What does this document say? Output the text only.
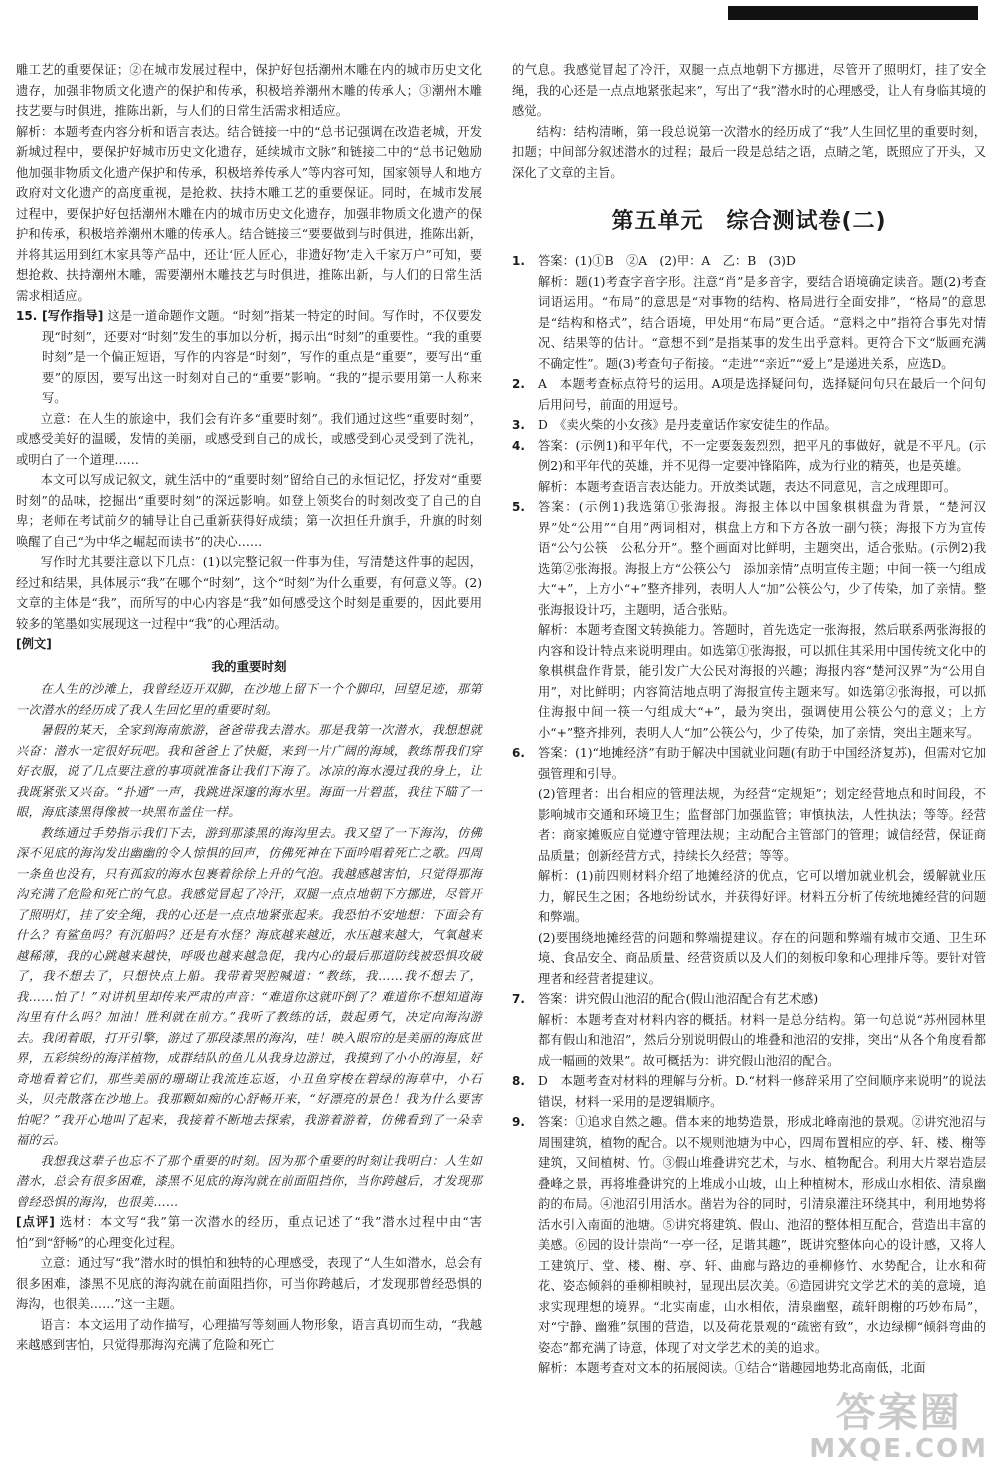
雕工艺的重要保证；②在城市发展过程中，保护好包括潮州木雕在内的城市历史文化遗存，加强非物质文化遗产的保护和传承，积极培养潮州木雕的传承人；③潮州木雕技艺要与时俱进，推陈出新，与人们的日常生活需求相适应。

解析：本题考查内容分析和语言表达。结合链接一中的“总书记强调在改造老城，开发新城过程中，要保护好城市历史文化遗存，延续城市文脉”和链接二中的“总书记勉励他加强非物质文化遗产保护和传承，积极培养传承人”等内容可知，国家领导人和地方政府对文化遗产的高度重视，是抢救、扶持木雕工艺的重要保证。同时，在城市发展过程中，要保护好包括潮州木雕在内的城市历史文化遗存，加强非物质文化遗产的保护和传承，积极培养潮州木雕的传承人。结合链接三“要要做到与时俱进，推陈出新，并将其运用到红木家具等产品中，还让‘匠人匠心，非遗好物’走入千家万户”可知，要想抢救、扶持潮州木雕，需要潮州木雕技艺与时俱进，推陈出新，与人们的日常生活需求相适应。

15. [写作指导] 这是一道命题作文题。“时刻”指某一特定的时间。写作时，不仅要发现“时刻”，还要对“时刻”发生的事加以分析，揭示出“时刻”的重要性。“我的重要时刻”是一个偏正短语，写作的内容是“时刻”，写作的重点是“重要”，要写出“重要”的原因，要写出这一时刻对自己的“重要”影响。“我的”提示要用第一人称来写。

立意：在人生的旅途中，我们会有许多“重要时刻”。我们通过这些“重要时刻”，或感受美好的温暖，发情的美丽，或感受到自己的成长，或感受到心灵受到了洗礼，或明白了一个道理……

本文可以写成记叙文，就生活中的“重要时刻”留给自己的永恒记忆，抒发对“重要时刻”的品味，挖掘出“重要时刻”的深远影响。如登上领奖台的时刻改变了自己的自卑；老师在考试前夕的辅导让自己重新获得好成绩；第一次担任升旗手，升旗的时刻唤醒了自己“为中华之崛起而读书”的决心……

写作时尤其要注意以下几点：(1)以完整记叙一件事为佳，写清楚这件事的起因，经过和结果，具体展示“我”在哪个“时刻”，这个“时刻”为什么重要，有何意义等。(2)文章的主体是“我”，而所写的中心内容是“我”如何感受这个时刻是重要的，因此要用较多的笔墨如实展现这一过程中“我”的心理活动。

[例文]
我的重要时刻

在人生的沙滩上，我曾经迈开双脚，在沙地上留下一个个脚印，回望足迹，那第一次潜水的经历成了我人生回忆里的重要时刻。

暑假的某天，全家到海南旅游，爸爸带我去潜水。那是我第一次潜水，我想想就兴奋：潜水一定很好玩吧。我和爸爸上了快艇，来到一片广阔的海域，教练帮我们穿好衣服，说了几点要注意的事项就准备让我们下海了。冰凉的海水漫过我的身上，让我既紧张又兴奋。“扑通”一声，我跳进深邃的海水里。海面一片碧蓝，我往下瞄了一眼，海底漆黑得像被一块黑布盖住一样。

教练通过手势指示我们下去，游到那漆黑的海沟里去。我又望了一下海沟，仿佛深不见底的海沟发出幽幽的令人惊惧的回声，仿佛死神在下面吟唱着死亡之歌。四周一条鱼也没有，只有孤寂的海水包裹着徐徐上升的气泡。我越感越害怕，只觉得那海沟充满了危险和死亡的气息。我感觉冒起了冷汗，双腿一点点地朝下方挪进，尽管开了照明灯，挂了安全绳，我的心还是一点点地紧张起来。我恐怕不安地想：下面会有什么？有鲨鱼吗？有沉船吗？还是有水怪？海底越来越近，水压越来越大，气氧越来越稀薄，我的心跳越来越快，呼吸也越来越急促，我内心的最后那道防线被恐惧攻破了，我不想去了，只想快点上船。我带着哭腔喊道：“教练，我……我不想去了，我……怕了！”对讲机里却传来严肃的声音：“难道你这就吓倒了？难道你不想知道海沟里有什么吗？加油！胜利就在前方。”我听了教练的话，鼓起勇气，决定向海沟游去。我闭着眼，打开引擎，游过了那段漆黑的海沟，哇！映入眼帘的是美丽的海底世界，五彩缤纷的海洋植物，成群结队的鱼儿从我身边游过，我摸到了小小的海星，好奇地看着它们，那些美丽的珊瑚让我流连忘返，小丑鱼穿梭在碧绿的海草中，小石头，贝壳散落在沙地上。我那颗如痴的心舒畅开来，“好漂亮的景色！我为什么要害怕呢？”我开心地叫了起来，我接着不断地去探索，我游着游着，仿佛看到了一朵幸福的云。

我想我这辈子也忘不了那个重要的时刻。因为那个重要的时刻让我明白：人生如潜水，总会有很多困难，漆黑不见底的海沟就在前面阻挡你，当你跨越后，才发现那曾经恐惧的海沟，也很美……

[点评] 选材：本文写“我”第一次潜水的经历，重点记述了“我”潜水过程中由“害怕”到“舒畅”的心理变化过程。

立意：通过写“我”潜水时的惧怕和独特的心理感受，表现了“人生如潜水，总会有很多困难，漆黑不见底的海沟就在前面阻挡你，可当你跨越后，才发现那曾经恐惧的海沟，也很美……”这一主题。

语言：本文运用了动作描写，心理描写等刻画人物形象，语言真切而生动，“我越来越感到害怕，只觉得那海沟充满了危险和死亡

的气息。我感觉冒起了冷汗，双腿一点点地朝下方挪进，尽管开了照明灯，挂了安全绳，我的心还是一点点地紧张起来”，写出了“我”潜水时的心理感受，让人有身临其境的感觉。

结构：结构清晰，第一段总说第一次潜水的经历成了“我”人生回忆里的重要时刻，扣题；中间部分叙述潜水的过程；最后一段是总结之语，点睛之笔，既照应了开头，又深化了文章的主旨。

第五单元　综合测试卷(二)
1. 答案：(1)①B　②A　(2)甲：A　乙：B　(3)D
解析：题(1)考查字音字形。注意“肖”是多音字，要结合语境确定读音。题(2)考查词语运用。“布局”的意思是“对事物的结构、格局进行全面安排”，“格局”的意思是“结构和格式”，结合语境，甲处用“布局”更合适。“意料之中”指符合事先对情况、结果等的估计。“意想不到”是指某事的发生出乎意料。更符合下文“版画充满不确定性”。题(3)考查句子衔接。“走进”“亲近”“爱上”是递进关系，应选D。
2. A　本题考查标点符号的运用。A项是选择疑问句，选择疑问句只在最后一个问句后用问号，前面的用逗号。
3. D　《卖火柴的小女孩》是丹麦童话作家安徒生的作品。
4. 答案：(示例1)和平年代，不一定要轰轰烈烈，把平凡的事做好，就是不平凡。(示例2)和平年代的英雄，并不见得一定要冲锋陷阵，成为行业的精英，也是英雄。
解析：本题考查语言表达能力。开放类试题，表达不同意见，言之成理即可。
5. 答案：(示例1)我选第①张海报。海报主体以中国象棋棋盘为背景，“楚河汉界”处“公用”“自用”两词相对，棋盘上方和下方各放一副勺筷；海报下方为宣传语“公勺公筷　公私分开”。整个画面对比鲜明，主题突出，适合张贴。(示例2)我选第②张海报。海报上方“公筷公勺　添加亲情”点明宣传主题；中间一筷一勺组成大“+”，上方小“+”整齐排列，表明人人“加”公筷公勺，少了传染，加了亲情。整张海报设计巧，主题明，适合张贴。
解析：本题考查图文转换能力。答题时，首先选定一张海报，然后联系两张海报的内容和设计特点来说明理由。如选第①张海报，可以抓住其采用中国传统文化中的象棋棋盘作背景，能引发广大公民对海报的兴趣；海报内容“楚河汉界”为“公用自用”，对比鲜明；内容简洁地点明了海报宣传主题来写。如选第②张海报，可以抓住海报中间一筷一勺组成大“+”，最为突出，强调使用公筷公勺的意义；上方小“+”整齐排列，表明人人“加”公筷公勺，少了传染，加了亲情，突出主题来写。
6. 答案：(1)“地摊经济”有助于解决中国就业问题(有助于中国经济复苏)，但需对它加强管理和引导。
(2)管理者：出台相应的管理法规，为经营“定规矩”；划定经营地点和时间段，不影响城市交通和环境卫生；监督部门加强监管；审慎执法，人性执法；等等。经营者：商家摊贩应自觉遵守管理法规；主动配合主管部门的管理；诚信经营，保证商品质量；创新经营方式，持续长久经营；等等。
解析：(1)前四则材料介绍了地摊经济的优点，它可以增加就业机会，缓解就业压力，解民生之困；各地纷纷试水，并获得好评。材料五分析了传统地摊经营的问题和弊端。
(2)要围绕地摊经营的问题和弊端提建议。存在的问题和弊端有城市交通、卫生环境、食品安全、商品质量、经营资质以及人们的刻板印象和心理排斥等。要针对管理者和经营者提建议。
7. 答案：讲究假山池沼的配合(假山池沼配合有艺术感)
解析：本题考查对材料内容的概括。材料一是总分结构。第一句总说“苏州园林里都有假山和池沼”，然后分别说明假山的堆叠和池沼的安排，突出“从各个角度看都成一幅画的效果”。故可概括为：讲究假山池沼的配合。
8. D　本题考查对材料的理解与分析。D.“材料一修辞采用了空间顺序来说明”的说法错误，材料一采用的是逻辑顺序。
9. 答案：①追求自然之趣。借本来的地势造景，形成北峰南池的景观。②讲究池沼与周围建筑，植物的配合。以不规则池塘为中心，四周布置相应的亭、轩、楼、榭等建筑，又间植树、竹。③假山堆叠讲究艺术，与水、植物配合。利用大片翠岩造层叠峰之景，再将堆叠讲究的上堆成小山坡，山上种植树木，形成山水相依、清泉幽韵的布局。④池沼引用活水。凿岩为谷的同时，引清泉灌注环绕其中，利用地势将活水引入南面的池塘。⑤讲究将建筑、假山、池沼的整体相互配合，营造出丰富的美感。⑥园的设计崇尚“一亭一径，足谐其趣”，既讲究整体向心的设计感，又将人工建筑厅、堂、楼、榭、亭、轩、曲廊与路边的垂柳修竹、水势配合，让水和荷花、姿态倾斜的垂柳相映衬，显现出层次美。⑥造园讲究文学艺术的美的意境，追求实现理想的境界。“北实南虚，山水相依，清泉幽壑，疏轩朗榭的巧妙布局”，对“宁静、幽雅”氛围的营造，以及荷花景观的“疏密有致”，水边绿柳“倾斜弯曲的姿态”都充满了诗意，体现了对文学艺术的美的追求。
解析：本题考查对文本的拓展阅读。①结合“谐趣园地势北高南低，北面
答案圈
MXQE.COM
